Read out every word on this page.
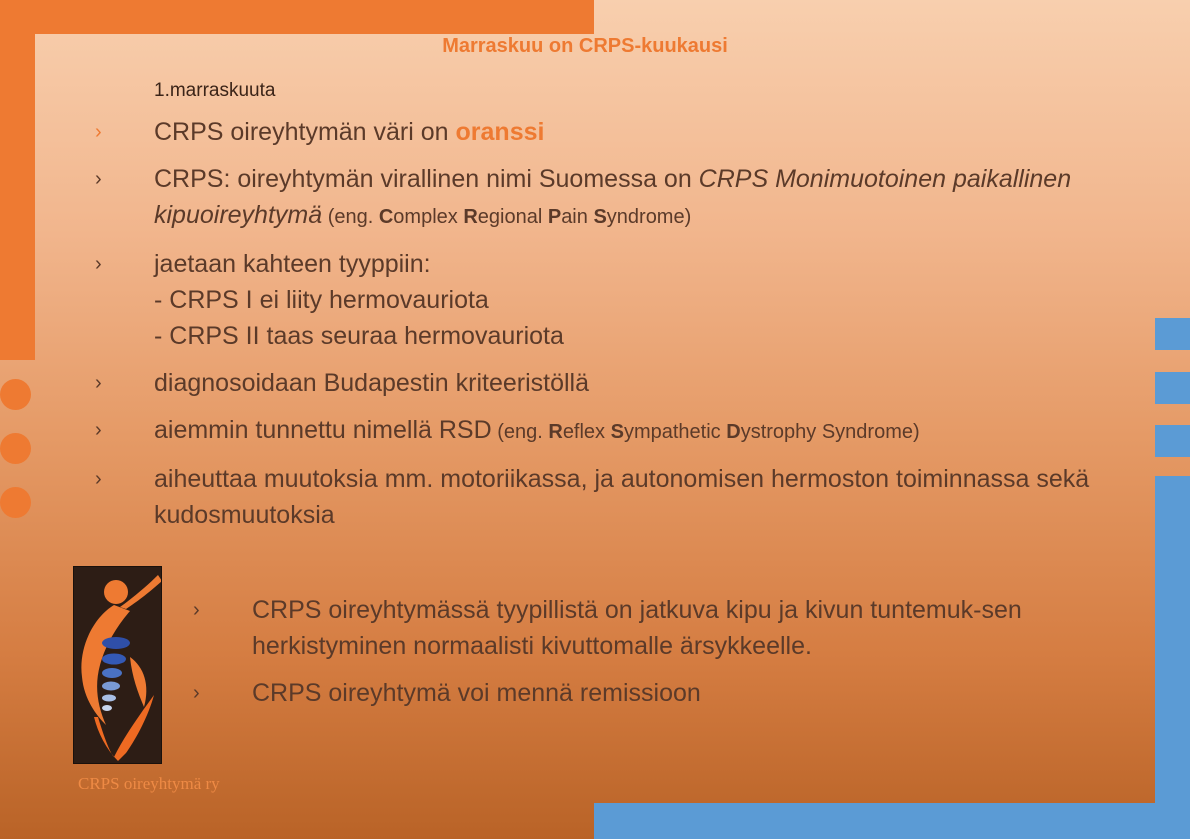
Marraskuu on CRPS-kuukausi
1.marraskuuta
› CRPS oireyhtymän väri on oranssi
› CRPS: oireyhtymän virallinen nimi Suomessa on CRPS Monimuotoinen paikallinen kipuoireyhtymä (eng. Complex Regional Pain Syndrome)
› jaetaan kahteen tyyppiin:
- CRPS I ei liity hermovauriota
- CRPS II taas seuraa hermovauriota
› diagnosoidaan Budapestin kriteeristöllä
› aiemmin tunnettu nimellä RSD (eng. Reflex Sympathetic Dystrophy Syndrome)
› aiheuttaa muutoksia mm. motoriikassa, ja autonomisen hermoston toiminnassa sekä kudosmuutoksia
CRPS oireyhtymä ry
› CRPS oireyhtymässä tyypillistä on jatkuva kipu ja kivun tuntemuk-sen herkistyminen normaalisti kivuttomalle ärsykkeelle.
› CRPS oireyhtymä voi mennä remissioon
